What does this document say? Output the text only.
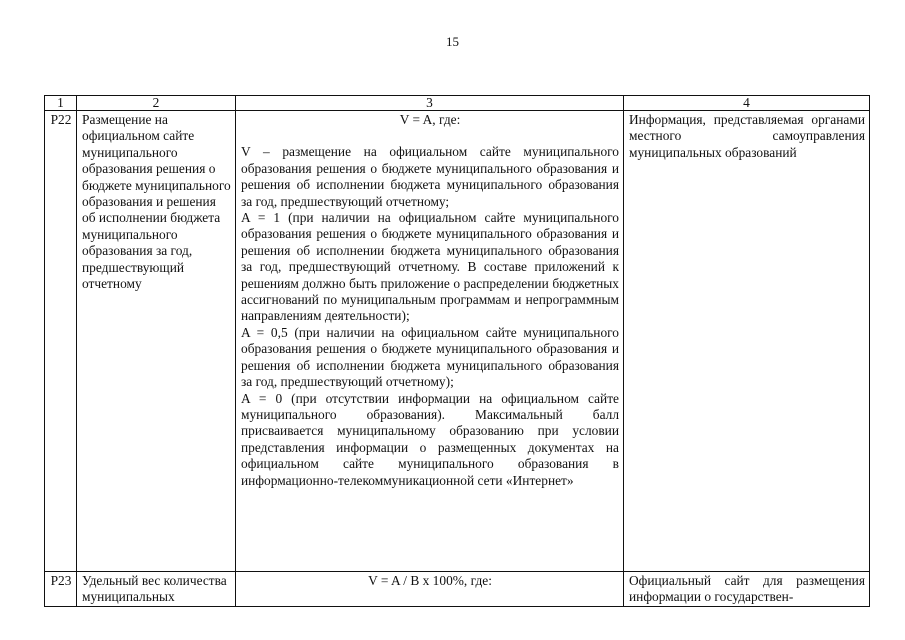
15
1	2	3	4
P22	Размещение на официальном сайте муниципального образования решения о бюджете муниципального образования и решения об исполнении бюджета муниципального образования за год, предшествующий отчетному	V = A, где:
V – размещение на официальном сайте муниципального образования решения о бюджете муниципального образования и решения об исполнении бюджета муниципального образования за год, предшествующий отчетному;
A = 1 (при наличии на официальном сайте муниципального образования решения о бюджете муниципального образования и решения об исполнении бюджета муниципального образования за год, предшествующий отчетному. В составе приложений к решениям должно быть приложение о распределении бюджетных ассигнований по муниципальным программам и непрограммным направлениям деятельности);
A = 0,5 (при наличии на официальном сайте муниципального образования решения о бюджете муниципального образования и решения об исполнении бюджета муниципального образования за год, предшествующий отчетному);
A = 0 (при отсутствии информации на официальном сайте муниципального образования). Максимальный балл присваивается муниципальному образованию при условии представления информации о размещенных документах на официальном сайте муниципального образования в информационно-телекоммуникационной сети «Интернет»	Информация, представляемая органами местного самоуправления муниципальных образований
P23	Удельный вес количества муниципальных	V = A / B x 100%, где:	Официальный сайт для размещения информации о государствен-
